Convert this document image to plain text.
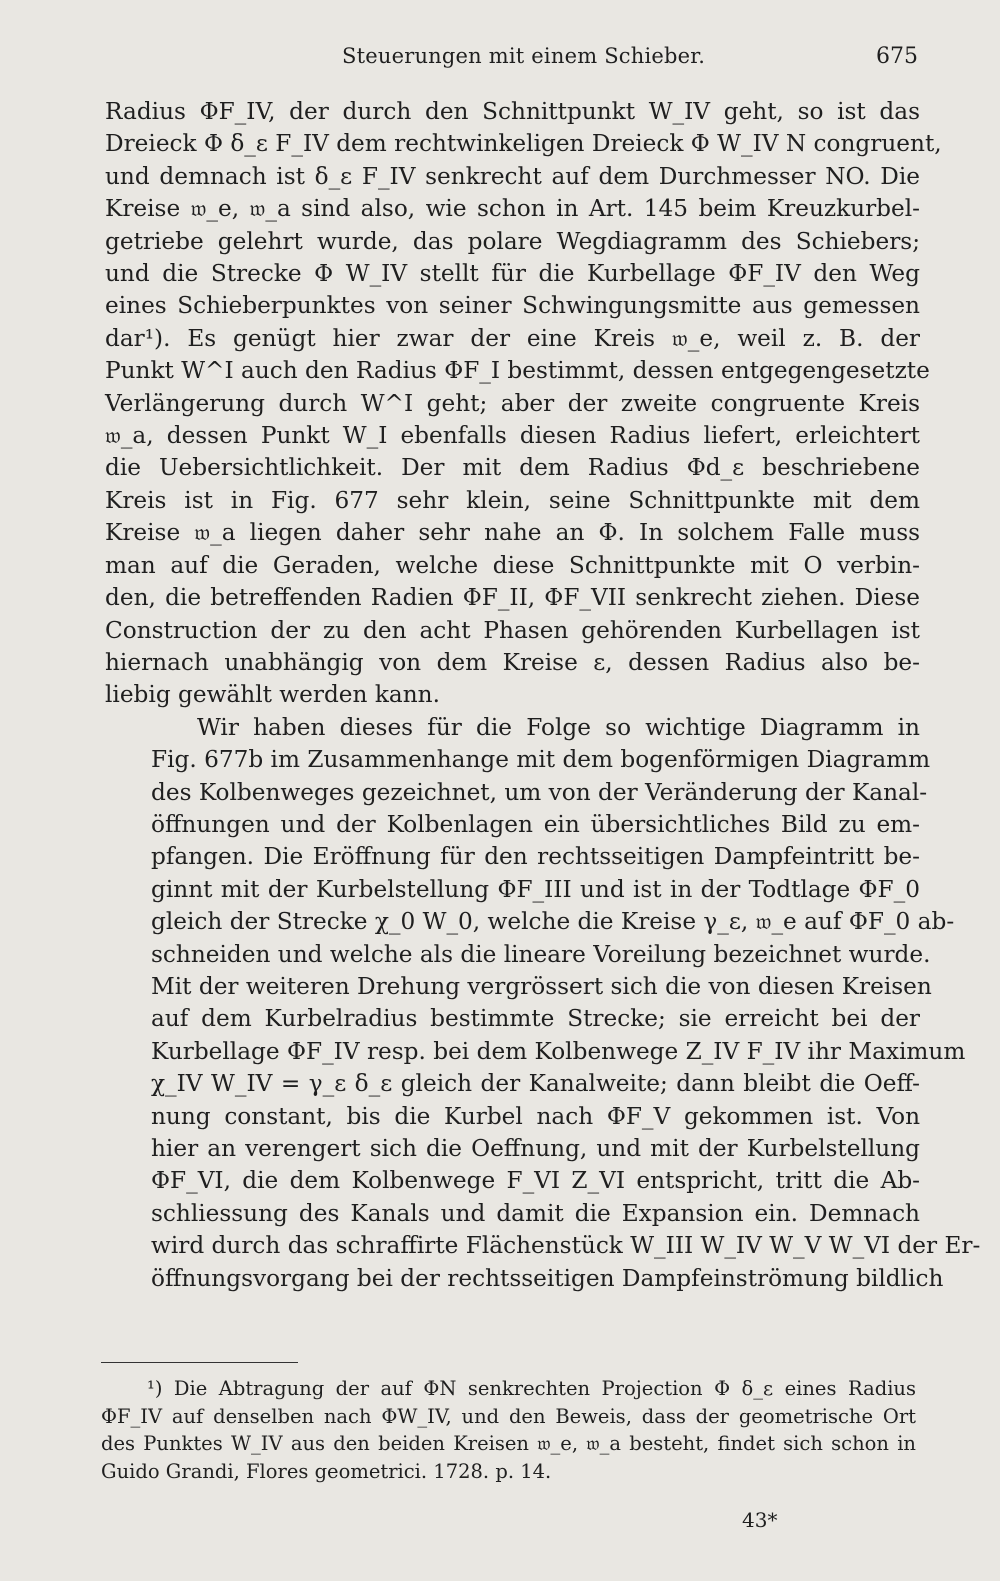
Steuerungen mit einem Schieber.	675

Radius ΦF_IV, der durch den Schnittpunkt W_IV geht, so ist das
Dreieck Φ δ_ε F_IV dem rechtwinkeligen Dreieck Φ W_IV N congruent,
und demnach ist δ_ε F_IV senkrecht auf dem Durchmesser NO. Die
Kreise 𝔴_e, 𝔴_a sind also, wie schon in Art. 145 beim Kreuzkurbel-
getriebe gelehrt wurde, das polare Wegdiagramm des Schiebers;
und die Strecke Φ W_IV stellt für die Kurbellage ΦF_IV den Weg
eines Schieberpunktes von seiner Schwingungsmitte aus gemessen
dar¹). Es genügt hier zwar der eine Kreis 𝔴_e, weil z. B. der
Punkt W^I auch den Radius ΦF_I bestimmt, dessen entgegengesetzte
Verlängerung durch W^I geht; aber der zweite congruente Kreis
𝔴_a, dessen Punkt W_I ebenfalls diesen Radius liefert, erleichtert
die Uebersichtlichkeit. Der mit dem Radius Φd_ε beschriebene
Kreis ist in Fig. 677 sehr klein, seine Schnittpunkte mit dem
Kreise 𝔴_a liegen daher sehr nahe an Φ. In solchem Falle muss
man auf die Geraden, welche diese Schnittpunkte mit O verbin-
den, die betreffenden Radien ΦF_II, ΦF_VII senkrecht ziehen. Diese
Construction der zu den acht Phasen gehörenden Kurbellagen ist
hiernach unabhängig von dem Kreise ε, dessen Radius also be-
liebig gewählt werden kann.

Wir haben dieses für die Folge so wichtige Diagramm in
Fig. 677b im Zusammenhange mit dem bogenförmigen Diagramm
des Kolbenweges gezeichnet, um von der Veränderung der Kanal-
öffnungen und der Kolbenlagen ein übersichtliches Bild zu em-
pfangen. Die Eröffnung für den rechtsseitigen Dampfeintritt be-
ginnt mit der Kurbelstellung ΦF_III und ist in der Todtlage ΦF_0
gleich der Strecke χ_0 W_0, welche die Kreise γ_ε, 𝔴_e auf ΦF_0 ab-
schneiden und welche als die lineare Voreilung bezeichnet wurde.
Mit der weiteren Drehung vergrössert sich die von diesen Kreisen
auf dem Kurbelradius bestimmte Strecke; sie erreicht bei der
Kurbellage ΦF_IV resp. bei dem Kolbenwege Z_IV F_IV ihr Maximum
χ_IV W_IV = γ_ε δ_ε gleich der Kanalweite; dann bleibt die Oeff-
nung constant, bis die Kurbel nach ΦF_V gekommen ist. Von
hier an verengert sich die Oeffnung, und mit der Kurbelstellung
ΦF_VI, die dem Kolbenwege F_VI Z_VI entspricht, tritt die Ab-
schliessung des Kanals und damit die Expansion ein. Demnach
wird durch das schraffirte Flächenstück W_III W_IV W_V W_VI der Er-
öffnungsvorgang bei der rechtsseitigen Dampfeinströmung bildlich

¹) Die Abtragung der auf ΦN senkrechten Projection Φ δ_ε eines Radius
ΦF_IV auf denselben nach ΦW_IV, und den Beweis, dass der geometrische Ort
des Punktes W_IV aus den beiden Kreisen 𝔴_e, 𝔴_a besteht, findet sich schon in
Guido Grandi, Flores geometrici. 1728. p. 14.
43*
